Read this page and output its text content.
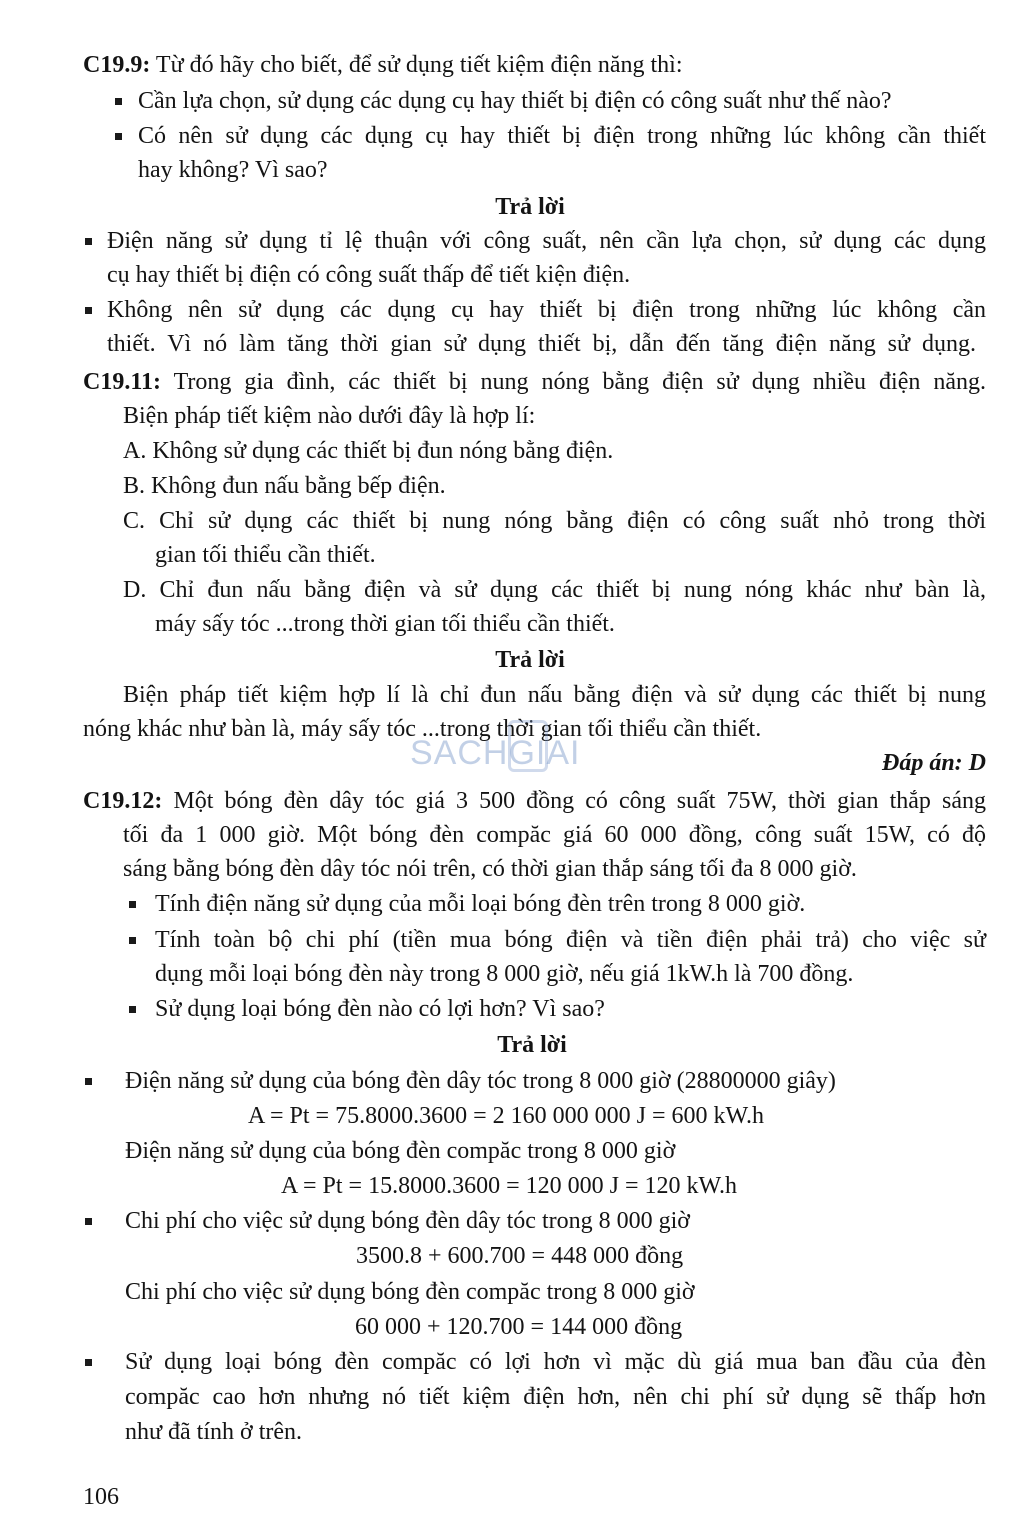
C19.9: Từ đó hãy cho biết, để sử dụng tiết kiệm điện năng thì:
Cần lựa chọn, sử dụng các dụng cụ hay thiết bị điện có công suất như thế nào?
Có nên sử dụng các dụng cụ hay thiết bị điện trong những lúc không cần thiết
hay không? Vì sao?
Trả lời
Điện năng sử dụng tỉ lệ thuận với công suất, nên cần lựa chọn, sử dụng các dụng
cụ hay thiết bị điện có công suất thấp để tiết kiện điện.
Không nên sử dụng các dụng cụ hay thiết bị điện trong những lúc không cần
thiết. Vì nó làm tăng thời gian sử dụng thiết bị, dẫn đến tăng điện năng sử dụng.
C19.11: Trong gia đình, các thiết bị nung nóng bằng điện sử dụng nhiều điện năng.
Biện pháp tiết kiệm nào dưới đây là hợp lí:
A. Không sử dụng các thiết bị đun nóng bằng điện.
B. Không đun nấu bằng bếp điện.
C. Chỉ sử dụng các thiết bị nung nóng bằng điện có công suất nhỏ trong thời
gian tối thiểu cần thiết.
D. Chỉ đun nấu bằng điện và sử dụng các thiết bị nung nóng khác như bàn là,
máy sấy tóc ...trong thời gian tối thiểu cần thiết.
Trả lời
Biện pháp tiết kiệm hợp lí là chỉ đun nấu bằng điện và sử dụng các thiết bị nung
nóng khác như bàn là, máy sấy tóc ...trong thời gian tối thiểu cần thiết.
SACHGIAI	Đáp án: D
C19.12: Một bóng đèn dây tóc giá 3 500 đồng có công suất 75W, thời gian thắp sáng
tối đa 1 000 giờ. Một bóng đèn compăc giá 60 000 đồng, công suất 15W, có độ
sáng bằng bóng đèn dây tóc nói trên, có thời gian thắp sáng tối đa 8 000 giờ.
Tính điện năng sử dụng của mỗi loại bóng đèn trên trong 8 000 giờ.
Tính toàn bộ chi phí (tiền mua bóng điện và tiền điện phải trả) cho việc sử
dụng mỗi loại bóng đèn này trong 8 000 giờ, nếu giá 1kW.h là 700 đồng.
Sử dụng loại bóng đèn nào có lợi hơn? Vì sao?
Trả lời
Điện năng sử dụng của bóng đèn dây tóc trong 8 000 giờ (28800000 giây)
A = Pt = 75.8000.3600 = 2 160 000 000 J = 600 kW.h
Điện năng sử dụng của bóng đèn compăc trong 8 000 giờ
A = Pt = 15.8000.3600 = 120 000 J = 120 kW.h
Chi phí cho việc sử dụng bóng đèn dây tóc trong 8 000 giờ
3500.8 + 600.700 = 448 000 đồng
Chi phí cho việc sử dụng bóng đèn compăc trong 8 000 giờ
60 000 + 120.700 = 144 000 đồng
Sử dụng loại bóng đèn compăc có lợi hơn vì mặc dù giá mua ban đầu của đèn
compăc cao hơn nhưng nó tiết kiệm điện hơn, nên chi phí sử dụng sẽ thấp hơn
như đã tính ở trên.
106
